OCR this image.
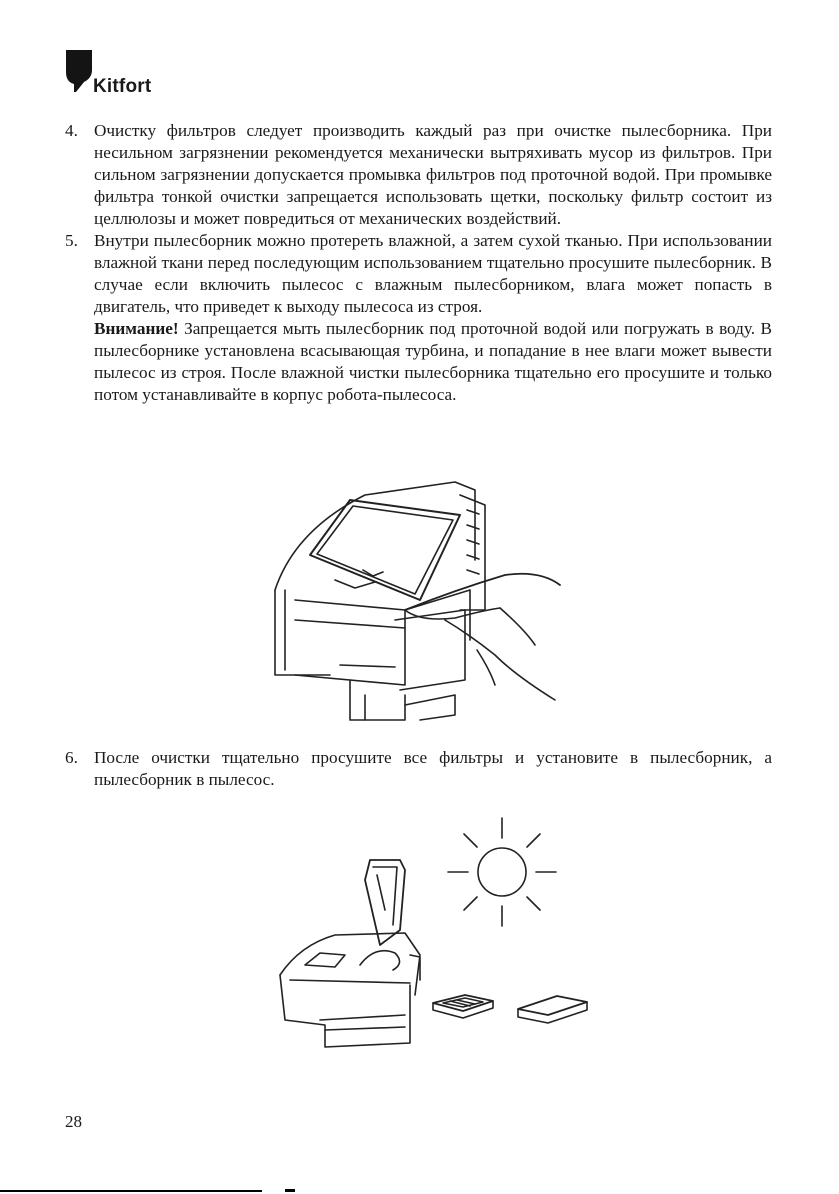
Kitfort
4. Очистку фильтров следует производить каждый раз при очистке пылесборника. При несильном загрязнении рекомендуется механически вытряхивать мусор из фильтров. При сильном загрязнении допускается промывка фильтров под проточной водой. При промывке фильтра тонкой очистки запрещается использовать щетки, поскольку фильтр состоит из целлюлозы и может повредиться от механических воздействий.
5. Внутри пылесборник можно протереть влажной, а затем сухой тканью. При использовании влажной ткани перед последующим использованием тщательно просушите пылесборник. В случае если включить пылесос с влажным пылесборником, влага может попасть в двигатель, что приведет к выходу пылесоса из строя.
Внимание! Запрещается мыть пылесборник под проточной водой или погружать в воду. В пылесборнике установлена всасывающая турбина, и попадание в нее влаги может вывести пылесос из строя. После влажной чистки пылесборника тщательно его просушите и только потом устанавливайте в корпус робота-пылесоса.
6. После очистки тщательно просушите все фильтры и установите в пылесборник, а пылесборник в пылесос.
28
